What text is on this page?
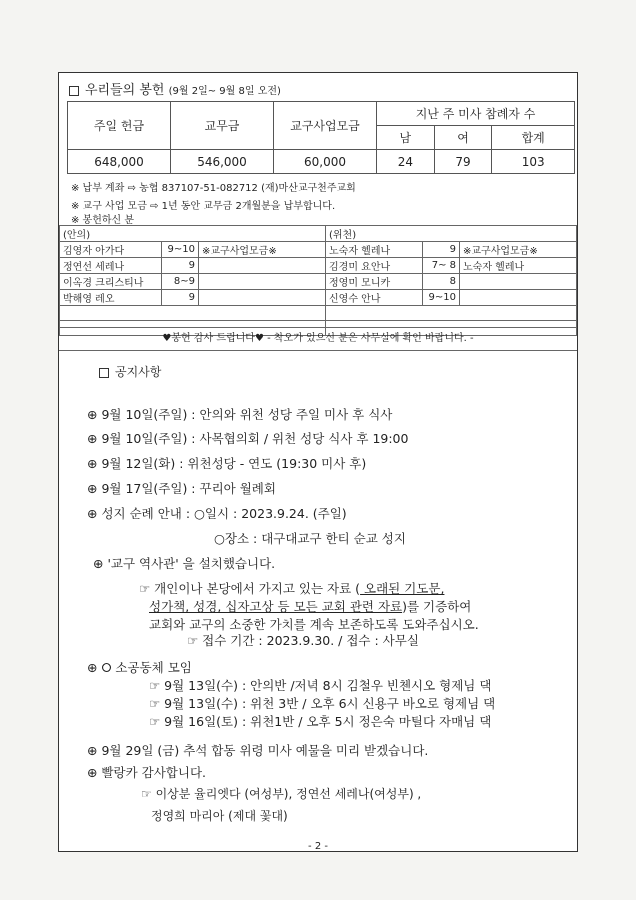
우리들의 봉헌 (9월 2일~ 9월 8일 오전)
주일 헌금	교무금	교구사업모금	지난 주 미사 참례자 수		
			남	여	합계
648,000	546,000	60,000	24	79	103
※ 납부 계좌 ⇨ 농협 837107-51-082712 (재)마산교구천주교회
※ 교구 사업 모금 ⇨ 1년 동안 교무금 2개월분을 납부합니다.
※ 봉헌하신 분
(안의)			(위천)		
김영자 아가다	9~10	※교구사업모금※	노숙자 헬레나	9	※교구사업모금※
정연선 세레나	9		김경미 요안나	7~ 8	노숙자 헬레나
이옥경 크리스티나	8~9		정영미 모니카	8	
박해영 레오	9		신영수 안나	9~10	

♥봉헌 감사 드립니다♥ - 착오가 있으신 분은 사무실에 확인 바랍니다. -
공지사항
⊕ 9월 10일(주일) : 안의와 위천 성당 주일 미사 후 식사
⊕ 9월 10일(주일) : 사목협의회 / 위천 성당 식사 후 19:00
⊕ 9월 12일(화) : 위천성당 - 연도 (19:30 미사 후)
⊕ 9월 17일(주일) : 꾸리아 월례회
⊕ 성지 순례 안내 : ○일시 : 2023.9.24. (주일)
○장소 : 대구대교구 한티 순교 성지
⊕ '교구 역사관' 을 설치했습니다.
☞ 개인이나 본당에서 가지고 있는 자료 ( 오래된 기도문,
성가책, 성경, 십자고상 등 모든 교회 관련 자료)를 기증하여
교회와 교구의 소중한 가치를 계속 보존하도록 도와주십시오.
☞ 접수 기간 : 2023.9.30. / 접수 : 사무실
⊕ ⭘ 소공동체 모임
☞ 9월 13일(수) : 안의반 /저녁 8시 김철우 빈첸시오 형제님 댁
☞ 9월 13일(수) : 위천 3반 / 오후 6시 신용구 바오로 형제님 댁
☞ 9월 16일(토) : 위천1반 / 오후 5시 정은숙 마틸다 자매님 댁
⊕ 9월 29일 (금) 추석 합동 위령 미사 예물을 미리 받겠습니다.
⊕ 빨랑카 감사합니다.
☞ 이상분 율리엣다 (여성부), 정연선 세레나(여성부) ,
정영희 마리아 (제대 꽃대)
- 2 -
